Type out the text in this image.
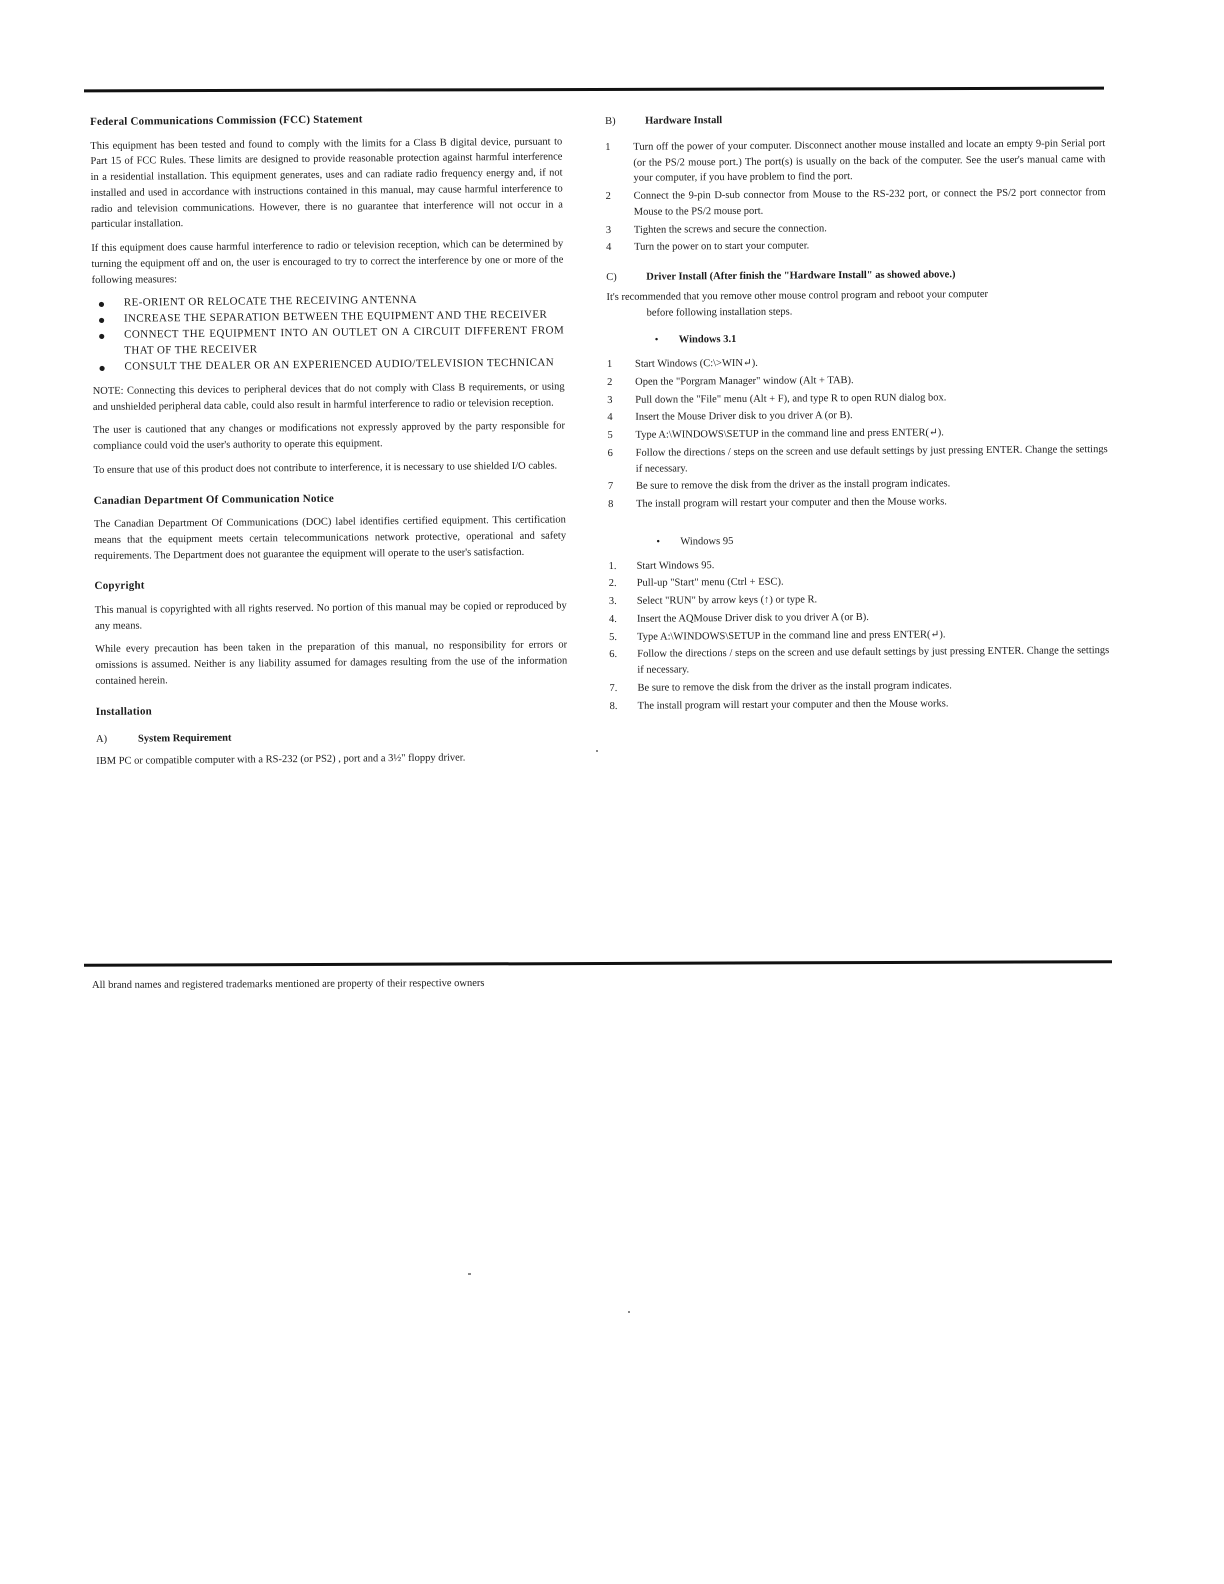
Federal Communications Commission (FCC) Statement

This equipment has been tested and found to comply with the limits for a Class B digital device, pursuant to Part 15 of FCC Rules. These limits are designed to provide reasonable protection against harmful interference in a residential installation. This equipment generates, uses and can radiate radio frequency energy and, if not installed and used in accordance with instructions contained in this manual, may cause harmful interference to radio and television communications. However, there is no guarantee that interference will not occur in a particular installation.

If this equipment does cause harmful interference to radio or television reception, which can be determined by turning the equipment off and on, the user is encouraged to try to correct the interference by one or more of the following measures:

● RE-ORIENT OR RELOCATE THE RECEIVING ANTENNA
● INCREASE THE SEPARATION BETWEEN THE EQUIPMENT AND THE RECEIVER
● CONNECT THE EQUIPMENT INTO AN OUTLET ON A CIRCUIT DIFFERENT FROM THAT OF THE RECEIVER
● CONSULT THE DEALER OR AN EXPERIENCED AUDIO/TELEVISION TECHNICAN

NOTE: Connecting this devices to peripheral devices that do not comply with Class B requirements, or using and unshielded peripheral data cable, could also result in harmful interference to radio or television reception.

The user is cautioned that any changes or modifications not expressly approved by the party responsible for compliance could void the user's authority to operate this equipment.

To ensure that use of this product does not contribute to interference, it is necessary to use shielded I/O cables.

Canadian Department Of Communication Notice

The Canadian Department Of Communications (DOC) label identifies certified equipment. This certification means that the equipment meets certain telecommunications network protective, operational and safety requirements. The Department does not guarantee the equipment will operate to the user's satisfaction.

Copyright

This manual is copyrighted with all rights reserved. No portion of this manual may be copied or reproduced by any means.

While every precaution has been taken in the preparation of this manual, no responsibility for errors or omissions is assumed. Neither is any liability assumed for damages resulting from the use of the information contained herein.

Installation
A)	System Requirement

IBM PC or compatible computer with a RS-232 (or PS2) , port and a 3½" floppy driver.

B)	Hardware Install
1	Turn off the power of your computer. Disconnect another mouse installed and locate an empty 9-pin Serial port (or the PS/2 mouse port.) The port(s) is usually on the back of the computer. See the user's manual came with your computer, if you have problem to find the port.
2	Connect the 9-pin D-sub connector from Mouse to the RS-232 port, or connect the PS/2 port connector from Mouse to the PS/2 mouse port.
3	Tighten the screws and secure the connection.
4	Turn the power on to start your computer.
C)	Driver Install (After finish the "Hardware Install" as showed above.)

It's recommended that you remove other mouse control program and reboot your computer
before following installation steps.

•	Windows 3.1
1	Start Windows (C:\>WIN↵).
2	Open the "Porgram Manager" window (Alt + TAB).
3	Pull down the "File" menu (Alt + F), and type R to open RUN dialog box.
4	Insert the Mouse Driver disk to you driver A (or B).
5	Type A:\WINDOWS\SETUP in the command line and press ENTER(↵).
6	Follow the directions / steps on the screen and use default settings by just pressing ENTER. Change the settings if necessary.
7	Be sure to remove the disk from the driver as the install program indicates.
8	The install program will restart your computer and then the Mouse works.
•	Windows 95
1.	Start Windows 95.
2.	Pull-up "Start" menu (Ctrl + ESC).
3.	Select "RUN" by arrow keys (↑) or type R.
4.	Insert the AQMouse Driver disk to you driver A (or B).
5.	Type A:\WINDOWS\SETUP in the command line and press ENTER(↵).
6.	Follow the directions / steps on the screen and use default settings by just pressing ENTER. Change the settings if necessary.
7.	Be sure to remove the disk from the driver as the install program indicates.
8.	The install program will restart your computer and then the Mouse works.
All brand names and registered trademarks mentioned are property of their respective owners
